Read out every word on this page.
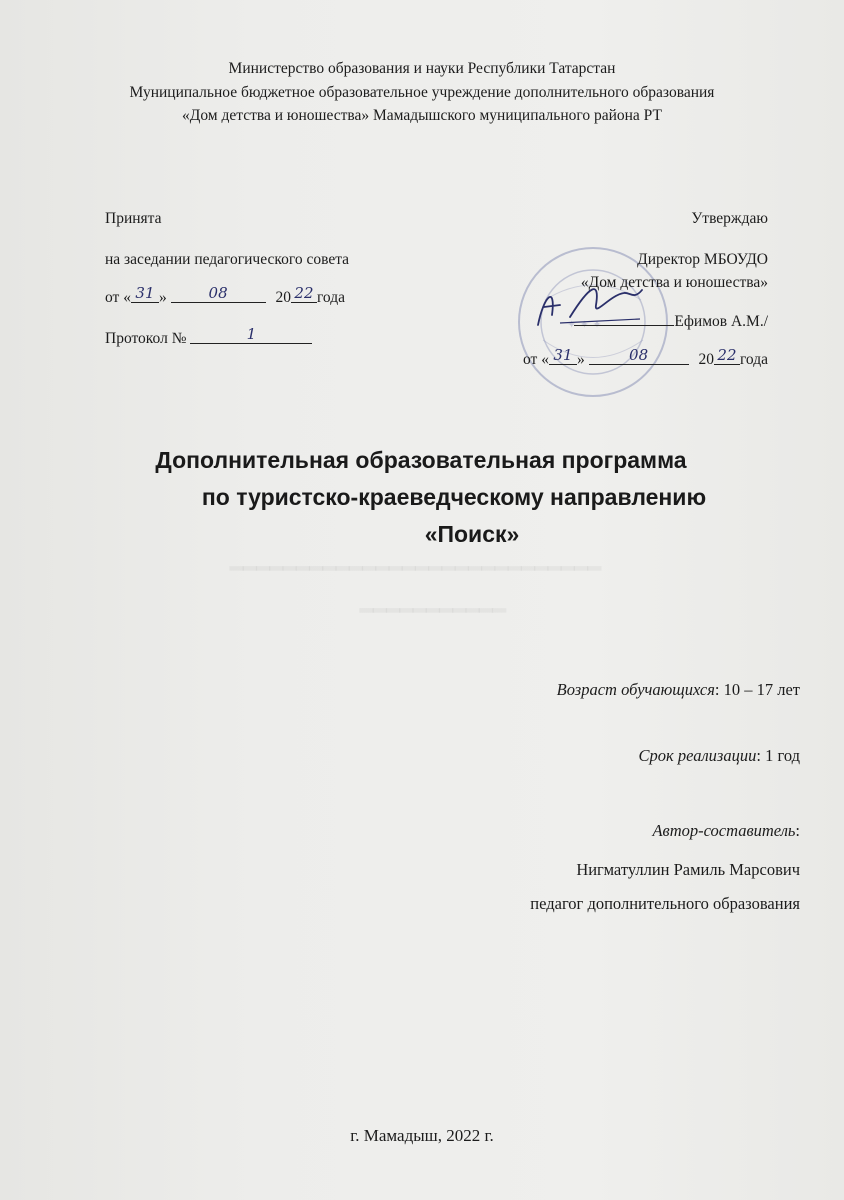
━━━━━━━━━━━━━━━━━━━━━━━━━━━━
━━━━━━━━━━━
Министерство образования и науки Республики Татарстан
Муниципальное бюджетное образовательное учреждение дополнительного образования
«Дом детства и юношества» Мамадышского муниципального района РТ
Принята
на заседании педагогического совета
от « 31 »	08	20 22 года
Протокол №	1
✦ ✦ ✦
Утверждаю
Директор МБОУДО
«Дом детства и юношества»
Ефимов А.М./
от « 31 »	08	20 22 года
Дополнительная образовательная программа
по туристско-краеведческому направлению
«Поиск»
Возраст обучающихся: 10 – 17 лет
Срок реализации: 1 год
Автор-составитель:
Нигматуллин Рамиль Марсович
педагог дополнительного образования
г. Мамадыш, 2022 г.
